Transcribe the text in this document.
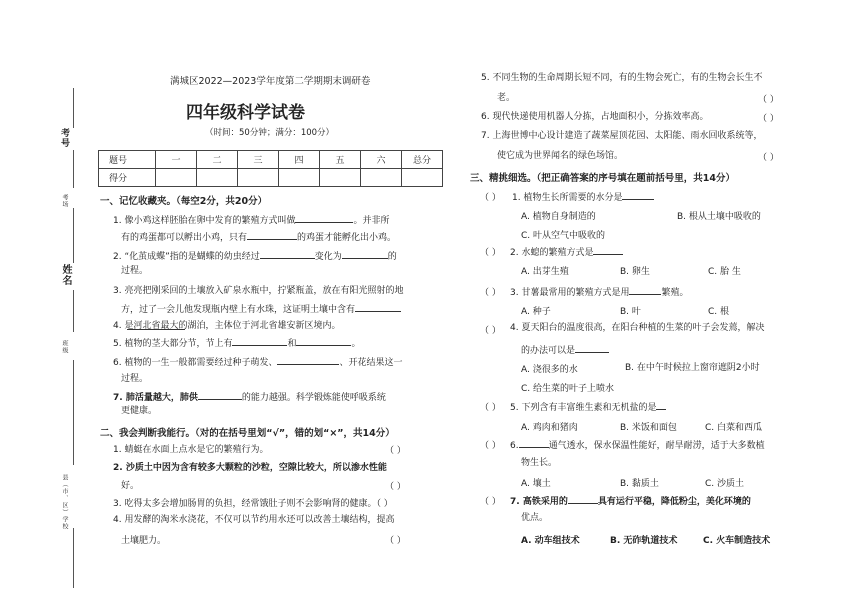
考号
考场
姓名
班级
县（市、区）学校
满城区2022—2023学年度第二学期期末调研卷
四年级科学试卷
（时间：50分钟；满分：100分）
题号	一	二	三	四	五	六	总分
得分							
一、记忆收藏夹。（每空2分，共20分）
1. 像小鸡这样胚胎在卵中发育的繁殖方式叫做	。并非所
有的鸡蛋都可以孵出小鸡，只有	的鸡蛋才能孵化出小鸡。
2. “化茧成蝶”指的是蝴蝶的幼虫经过	变化为	的
过程。
3. 亮亮把刚采回的土壤放入矿泉水瓶中，拧紧瓶盖，放在有阳光照射的地
方，过了一会儿他发现瓶内壁上有水珠，这证明土壤中含有
4. 是河北省最大的湖泊，主体位于河北省雄安新区境内。
5. 植物的茎大都分节，节上有	和	。
6. 植物的一生一般都需要经过种子萌发、	、开花结果这一
过程。
7. 肺活量越大，肺供	的能力越强。科学锻炼能使呼吸系统
更健康。
二、我会判断我能行。（对的在括号里划“√”，错的划“×”，共14分）
1. 蜻蜓在水面上点水是它的繁殖行为。	（ ）
2. 沙质土中因为含有较多大颗粒的沙粒，空隙比较大，所以渗水性能
好。	（ ）
3. 吃得太多会增加肠胃的负担，经常饿肚子则不会影响肾的健康。（ ）
4. 用发酵的淘米水浇花，不仅可以节约用水还可以改善土壤结构，提高
土壤肥力。	（ ）
5. 不同生物的生命周期长短不同，有的生物会死亡，有的生物会长生不
老。	（ ）
6. 现代快递使用机器人分拣，占地面积小，分拣效率高。	（ ）
7. 上海世博中心设计建造了蔬菜屋顶花园、太阳能、雨水回收系统等，
使它成为世界闻名的绿色场馆。	（ ）
三、精挑细选。（把正确答案的序号填在题前括号里，共14分）
（ ） 1. 植物生长所需要的水分是
A. 植物自身制造的	B. 根从土壤中吸收的
C. 叶从空气中吸收的
（ ） 2. 水螅的繁殖方式是
A. 出芽生殖	B. 卵生	C. 胎 生
（ ） 3. 甘薯最常用的繁殖方式是用	繁殖。
A. 种子	B. 叶	C. 根
（ ） 4. 夏天阳台的温度很高，在阳台种植的生菜的叶子会发蔫，解决
的办法可以是
A. 浇很多的水	B. 在中午时候拉上窗帘遮阴2小时
C. 给生菜的叶子上喷水
（ ） 5. 下列含有丰富维生素和无机盐的是
A. 鸡肉和猪肉	B. 米饭和面包	C. 白菜和西瓜
（ ） 6.	通气透水，保水保温性能好，耐旱耐涝，适于大多数植
物生长。
A. 壤土	B. 黏质土	C. 沙质土
（ ） 7. 高铁采用的	具有运行平稳，降低粉尘，美化环境的
优点。
A. 动车组技术	B. 无砟轨道技术	C. 火车制造技术
